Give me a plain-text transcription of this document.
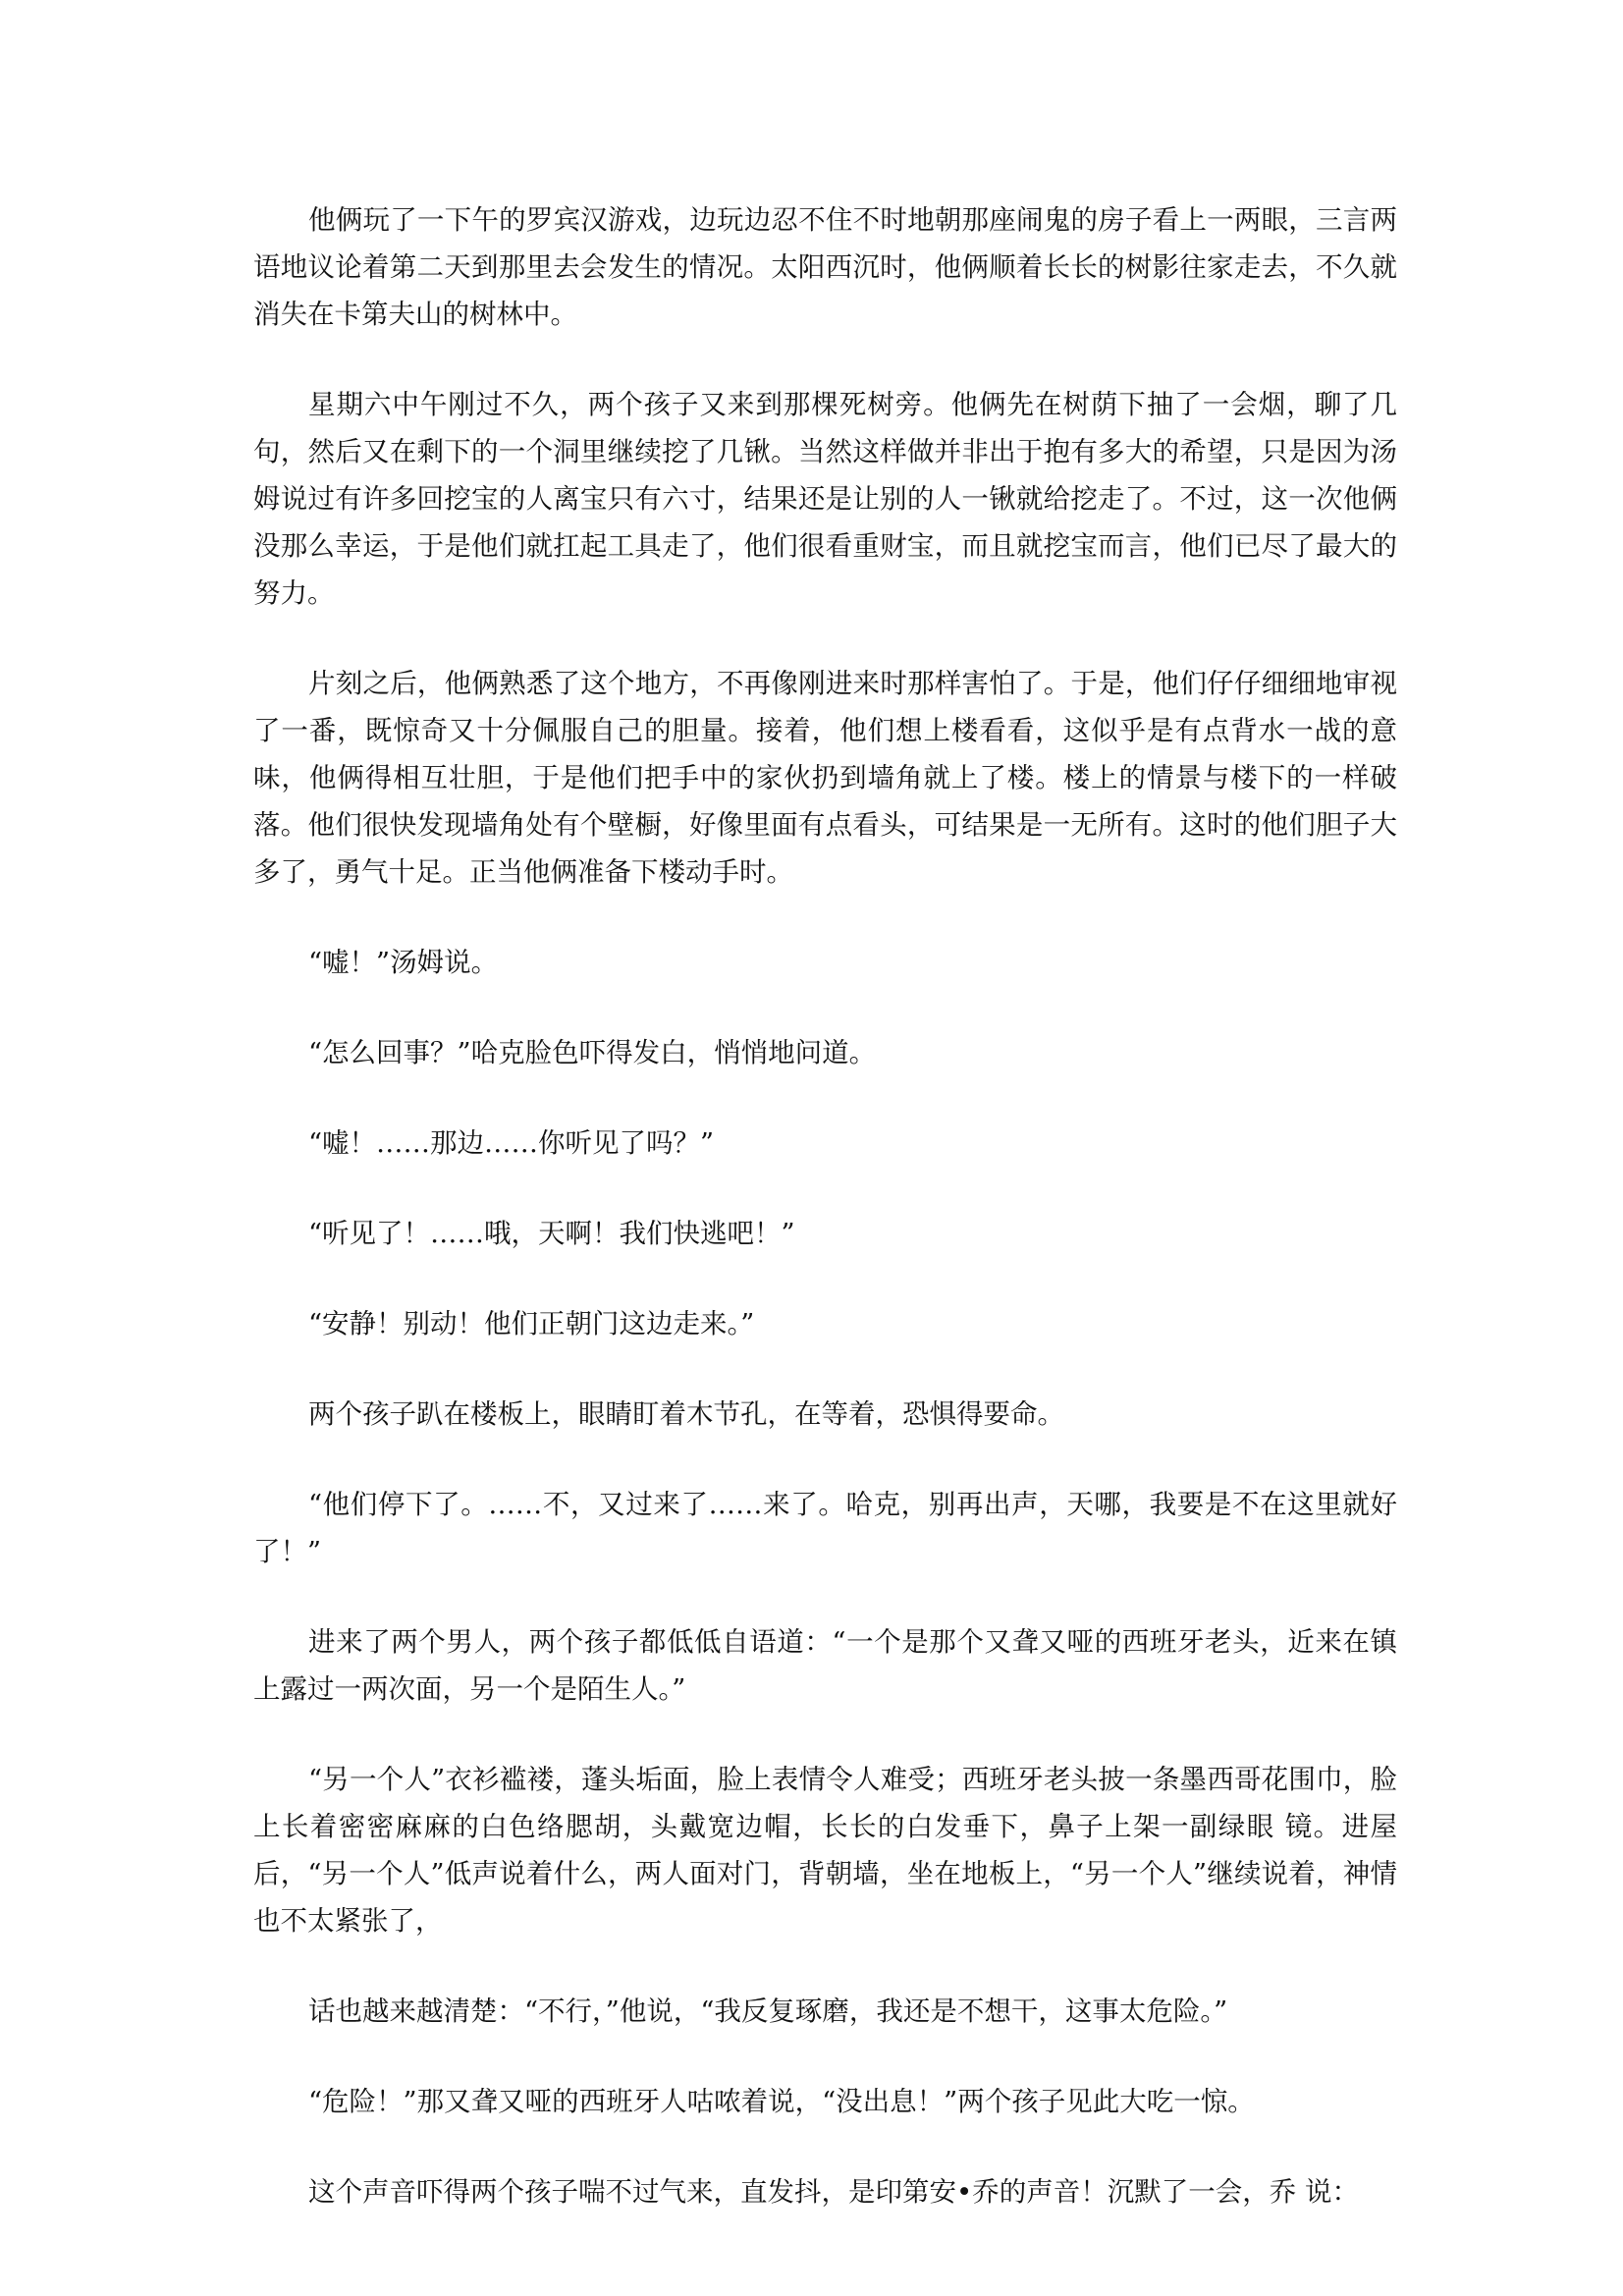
他俩玩了一下午的罗宾汉游戏，边玩边忍不住不时地朝那座闹鬼的房子看上一两眼，三言两语地议论着第二天到那里去会发生的情况。太阳西沉时，他俩顺着长长的树影往家走去，不久就消失在卡第夫山的树林中。

星期六中午刚过不久，两个孩子又来到那棵死树旁。他俩先在树荫下抽了一会烟，聊了几句，然后又在剩下的一个洞里继续挖了几锹。当然这样做并非出于抱有多大的希望，只是因为汤姆说过有许多回挖宝的人离宝只有六寸，结果还是让别的人一锹就给挖走了。不过，这一次他俩没那么幸运，于是他们就扛起工具走了，他们很看重财宝，而且就挖宝而言，他们已尽了最大的努力。

片刻之后，他俩熟悉了这个地方，不再像刚进来时那样害怕了。于是，他们仔仔细细地审视了一番，既惊奇又十分佩服自己的胆量。接着，他们想上楼看看，这似乎是有点背水一战的意味，他俩得相互壮胆，于是他们把手中的家伙扔到墙角就上了楼。楼上的情景与楼下的一样破落。他们很快发现墙角处有个壁橱，好像里面有点看头，可结果是一无所有。这时的他们胆子大多了，勇气十足。正当他俩准备下楼动手时。

“嘘！”汤姆说。

“怎么回事？”哈克脸色吓得发白，悄悄地问道。

“嘘！……那边……你听见了吗？”

“听见了！……哦，天啊！我们快逃吧！”

“安静！别动！他们正朝门这边走来。”

两个孩子趴在楼板上，眼睛盯着木节孔，在等着，恐惧得要命。

“他们停下了。……不，又过来了……来了。哈克，别再出声，天哪，我要是不在这里就好了！”

进来了两个男人，两个孩子都低低自语道：“一个是那个又聋又哑的西班牙老头，近来在镇上露过一两次面，另一个是陌生人。”

“另一个人”衣衫褴褛，蓬头垢面，脸上表情令人难受；西班牙老头披一条墨西哥花围巾，脸上长着密密麻麻的白色络腮胡，头戴宽边帽，长长的白发垂下，鼻子上架一副绿眼 镜。进屋后，“另一个人”低声说着什么，两人面对门，背朝墙，坐在地板上，“另一个人”继续说着，神情也不太紧张了，

话也越来越清楚：“不行，”他说，“我反复琢磨，我还是不想干，这事太危险。”

“危险！”那又聋又哑的西班牙人咕哝着说，“没出息！”两个孩子见此大吃一惊。

这个声音吓得两个孩子喘不过气来，直发抖，是印第安•乔的声音！沉默了一会，乔 说：
